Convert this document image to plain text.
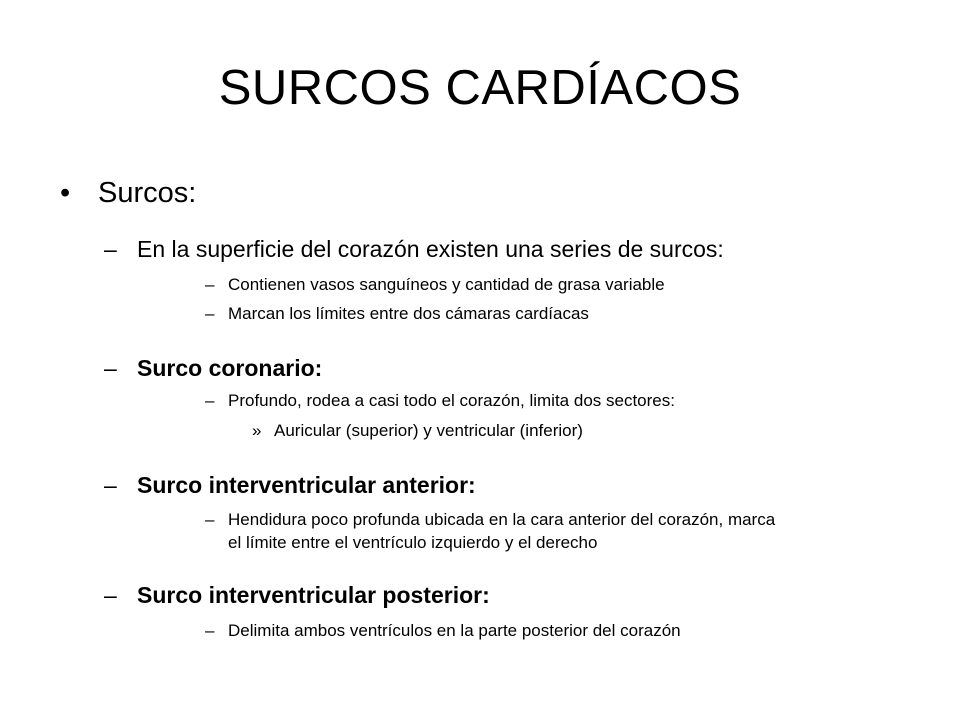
SURCOS CARDÍACOS
• Surcos:
– En la superficie del corazón existen una series de surcos:
– Contienen vasos sanguíneos y cantidad de grasa variable
– Marcan los límites entre dos cámaras cardíacas
– Surco coronario:
– Profundo, rodea a casi todo el corazón, limita dos sectores:
» Auricular (superior) y ventricular (inferior)
– Surco interventricular anterior:
– Hendidura poco profunda ubicada en la cara anterior del corazón, marca
el límite entre el ventrículo izquierdo y el derecho
– Surco interventricular posterior:
– Delimita ambos ventrículos en la parte posterior del corazón
